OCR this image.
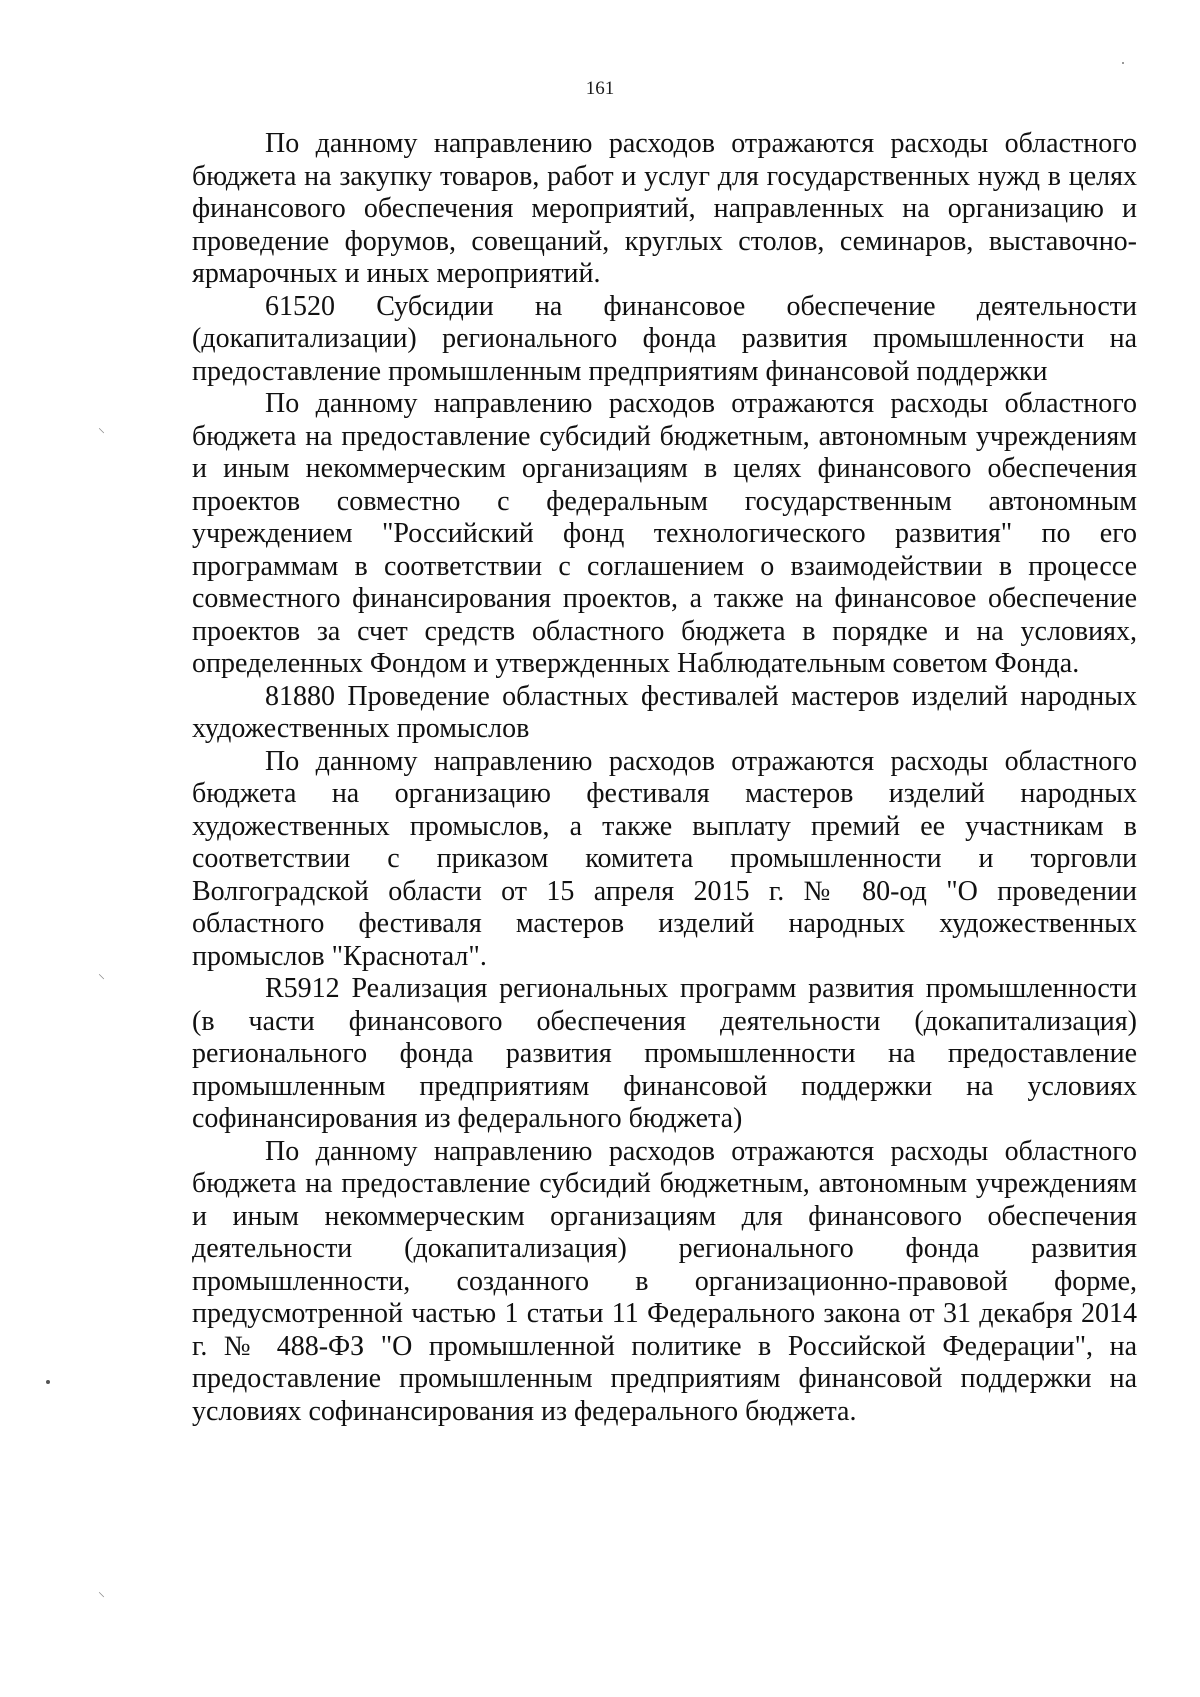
161

По данному направлению расходов отражаются расходы областного бюджета на закупку товаров, работ и услуг для государственных нужд в целях финансового обеспечения мероприятий, направленных на организацию и проведение форумов, совещаний, круглых столов, семинаров, выставочно-ярмарочных и иных мероприятий.

61520 Субсидии на финансовое обеспечение деятельности (докапитализации) регионального фонда развития промышленности на предоставление промышленным предприятиям финансовой поддержки

По данному направлению расходов отражаются расходы областного бюджета на предоставление субсидий бюджетным, автономным учреждениям и иным некоммерческим организациям в целях финансового обеспечения проектов совместно с федеральным государственным автономным учреждением "Российский фонд технологического развития" по его программам в соответствии с соглашением о взаимодействии в процессе совместного финансирования проектов, а также на финансовое обеспечение проектов за счет средств областного бюджета в порядке и на условиях, определенных Фондом и утвержденных Наблюдательным советом Фонда.

81880 Проведение областных фестивалей мастеров изделий народных художественных промыслов

По данному направлению расходов отражаются расходы областного бюджета на организацию фестиваля мастеров изделий народных художественных промыслов, а также выплату премий ее участникам в соответствии с приказом комитета промышленности и торговли Волгоградской области от 15 апреля 2015 г. № 80-од "О проведении областного фестиваля мастеров изделий народных художественных промыслов "Краснотал".

R5912 Реализация региональных программ развития промышленности (в части финансового обеспечения деятельности (докапитализация) регионального фонда развития промышленности на предоставление промышленным предприятиям финансовой поддержки на условиях софинансирования из федерального бюджета)

По данному направлению расходов отражаются расходы областного бюджета на предоставление субсидий бюджетным, автономным учреждениям и иным некоммерческим организациям для финансового обеспечения деятельности (докапитализация) регионального фонда развития промышленности, созданного в организационно-правовой форме, предусмотренной частью 1 статьи 11 Федерального закона от 31 декабря 2014 г. № 488-ФЗ "О промышленной политике в Российской Федерации", на предоставление промышленным предприятиям финансовой поддержки на условиях софинансирования из федерального бюджета.

⸌
⸌
⸌
